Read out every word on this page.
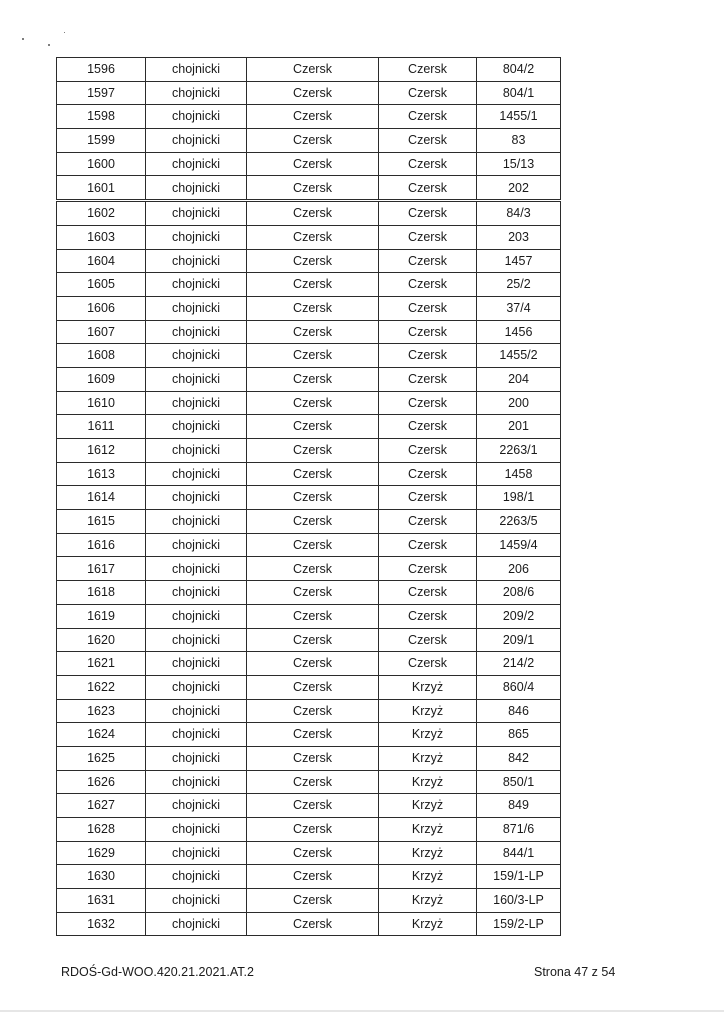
1596	chojnicki	Czersk	Czersk	804/2
1597	chojnicki	Czersk	Czersk	804/1
1598	chojnicki	Czersk	Czersk	1455/1
1599	chojnicki	Czersk	Czersk	83
1600	chojnicki	Czersk	Czersk	15/13
1601	chojnicki	Czersk	Czersk	202
1602	chojnicki	Czersk	Czersk	84/3
1603	chojnicki	Czersk	Czersk	203
1604	chojnicki	Czersk	Czersk	1457
1605	chojnicki	Czersk	Czersk	25/2
1606	chojnicki	Czersk	Czersk	37/4
1607	chojnicki	Czersk	Czersk	1456
1608	chojnicki	Czersk	Czersk	1455/2
1609	chojnicki	Czersk	Czersk	204
1610	chojnicki	Czersk	Czersk	200
1611	chojnicki	Czersk	Czersk	201
1612	chojnicki	Czersk	Czersk	2263/1
1613	chojnicki	Czersk	Czersk	1458
1614	chojnicki	Czersk	Czersk	198/1
1615	chojnicki	Czersk	Czersk	2263/5
1616	chojnicki	Czersk	Czersk	1459/4
1617	chojnicki	Czersk	Czersk	206
1618	chojnicki	Czersk	Czersk	208/6
1619	chojnicki	Czersk	Czersk	209/2
1620	chojnicki	Czersk	Czersk	209/1
1621	chojnicki	Czersk	Czersk	214/2
1622	chojnicki	Czersk	Krzyż	860/4
1623	chojnicki	Czersk	Krzyż	846
1624	chojnicki	Czersk	Krzyż	865
1625	chojnicki	Czersk	Krzyż	842
1626	chojnicki	Czersk	Krzyż	850/1
1627	chojnicki	Czersk	Krzyż	849
1628	chojnicki	Czersk	Krzyż	871/6
1629	chojnicki	Czersk	Krzyż	844/1
1630	chojnicki	Czersk	Krzyż	159/1-LP
1631	chojnicki	Czersk	Krzyż	160/3-LP
1632	chojnicki	Czersk	Krzyż	159/2-LP
RDOŚ-Gd-WOO.420.21.2021.AT.2	Strona 47 z 54
